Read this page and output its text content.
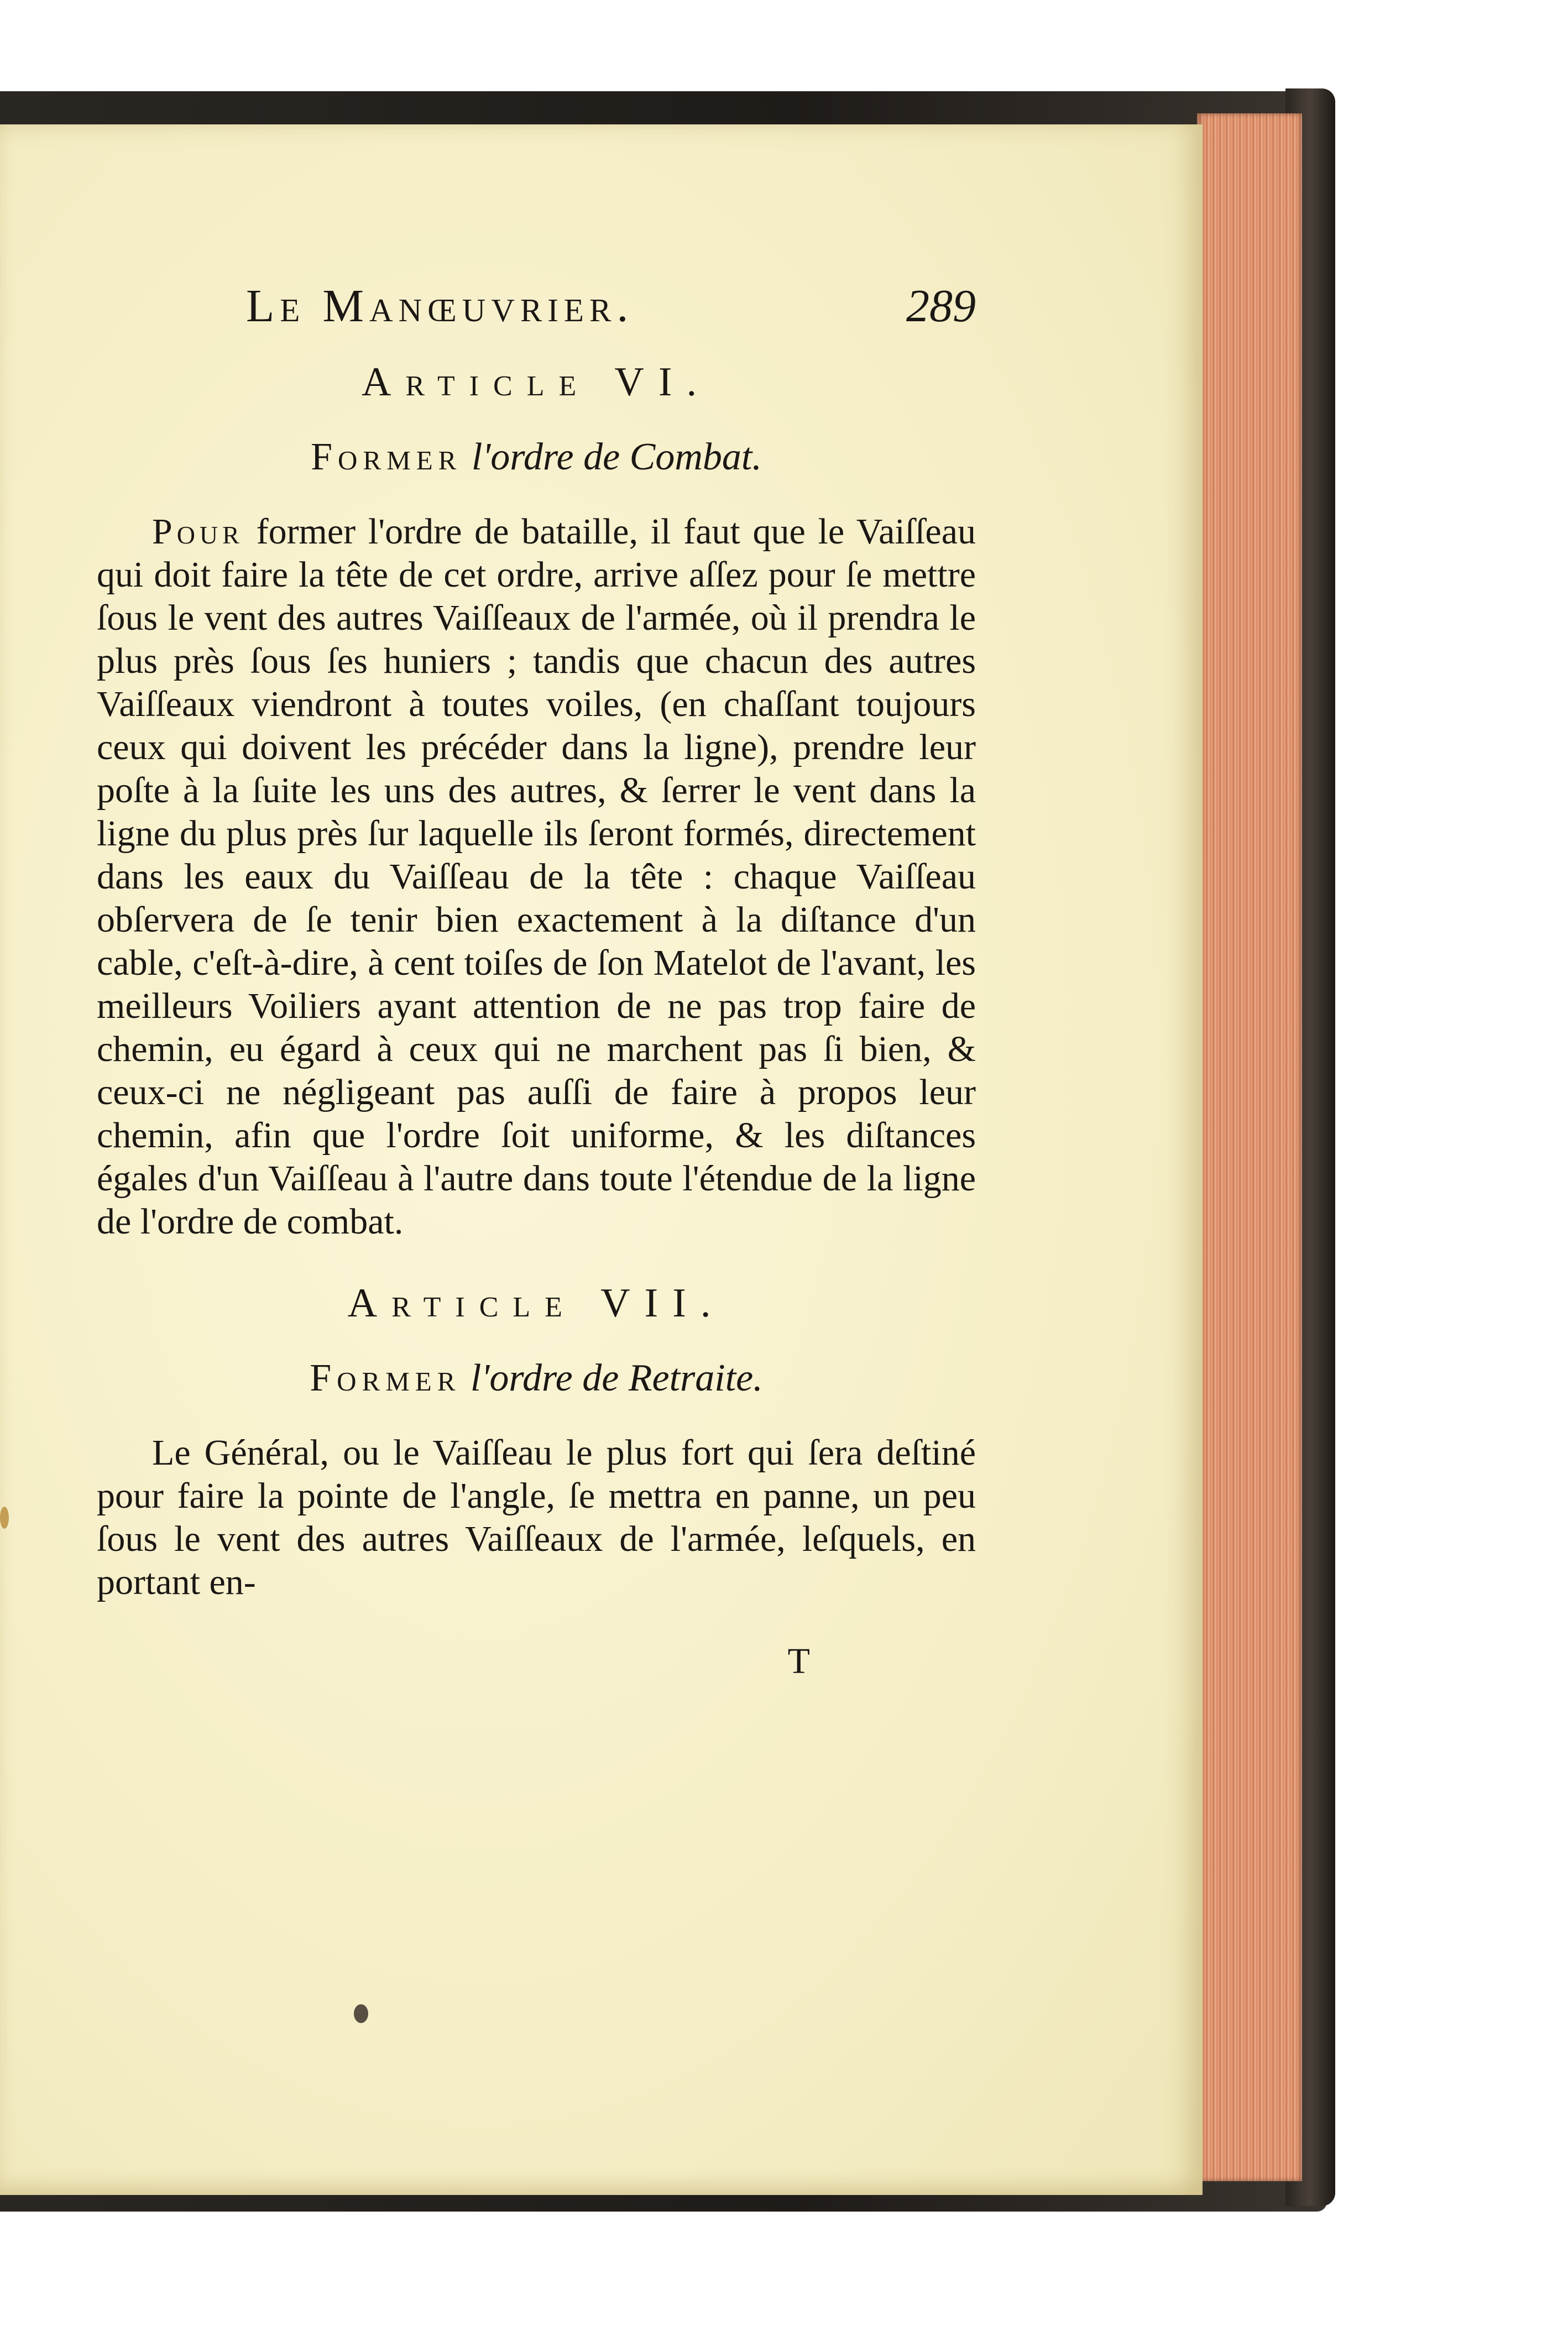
Le Manœuvrier.	289
Article VI.
Former l'ordre de Combat.

Pour former l'ordre de bataille, il faut que le Vaiſſeau qui doit faire la tête de cet ordre, arrive aſſez pour ſe mettre ſous le vent des autres Vaiſſeaux de l'armée, où il prendra le plus près ſous ſes huniers ; tandis que chacun des autres Vaiſſeaux viendront à toutes voiles, (en chaſſant toujours ceux qui doivent les précéder dans la ligne), prendre leur poſte à la ſuite les uns des autres, & ſerrer le vent dans la ligne du plus près ſur laquelle ils ſeront formés, directement dans les eaux du Vaiſſeau de la tête : chaque Vaiſſeau obſervera de ſe tenir bien exactement à la diſtance d'un cable, c'eſt-à-dire, à cent toiſes de ſon Matelot de l'avant, les meilleurs Voiliers ayant attention de ne pas trop faire de chemin, eu égard à ceux qui ne marchent pas ſi bien, & ceux-ci ne négligeant pas auſſi de faire à propos leur chemin, afin que l'ordre ſoit uniforme, & les diſtances égales d'un Vaiſſeau à l'autre dans toute l'étendue de la ligne de l'ordre de combat.

Article VII.
Former l'ordre de Retraite.

Le Général, ou le Vaiſſeau le plus fort qui ſera deſtiné pour faire la pointe de l'angle, ſe mettra en panne, un peu ſous le vent des autres Vaiſſeaux de l'armée, leſquels, en portant en-

T
